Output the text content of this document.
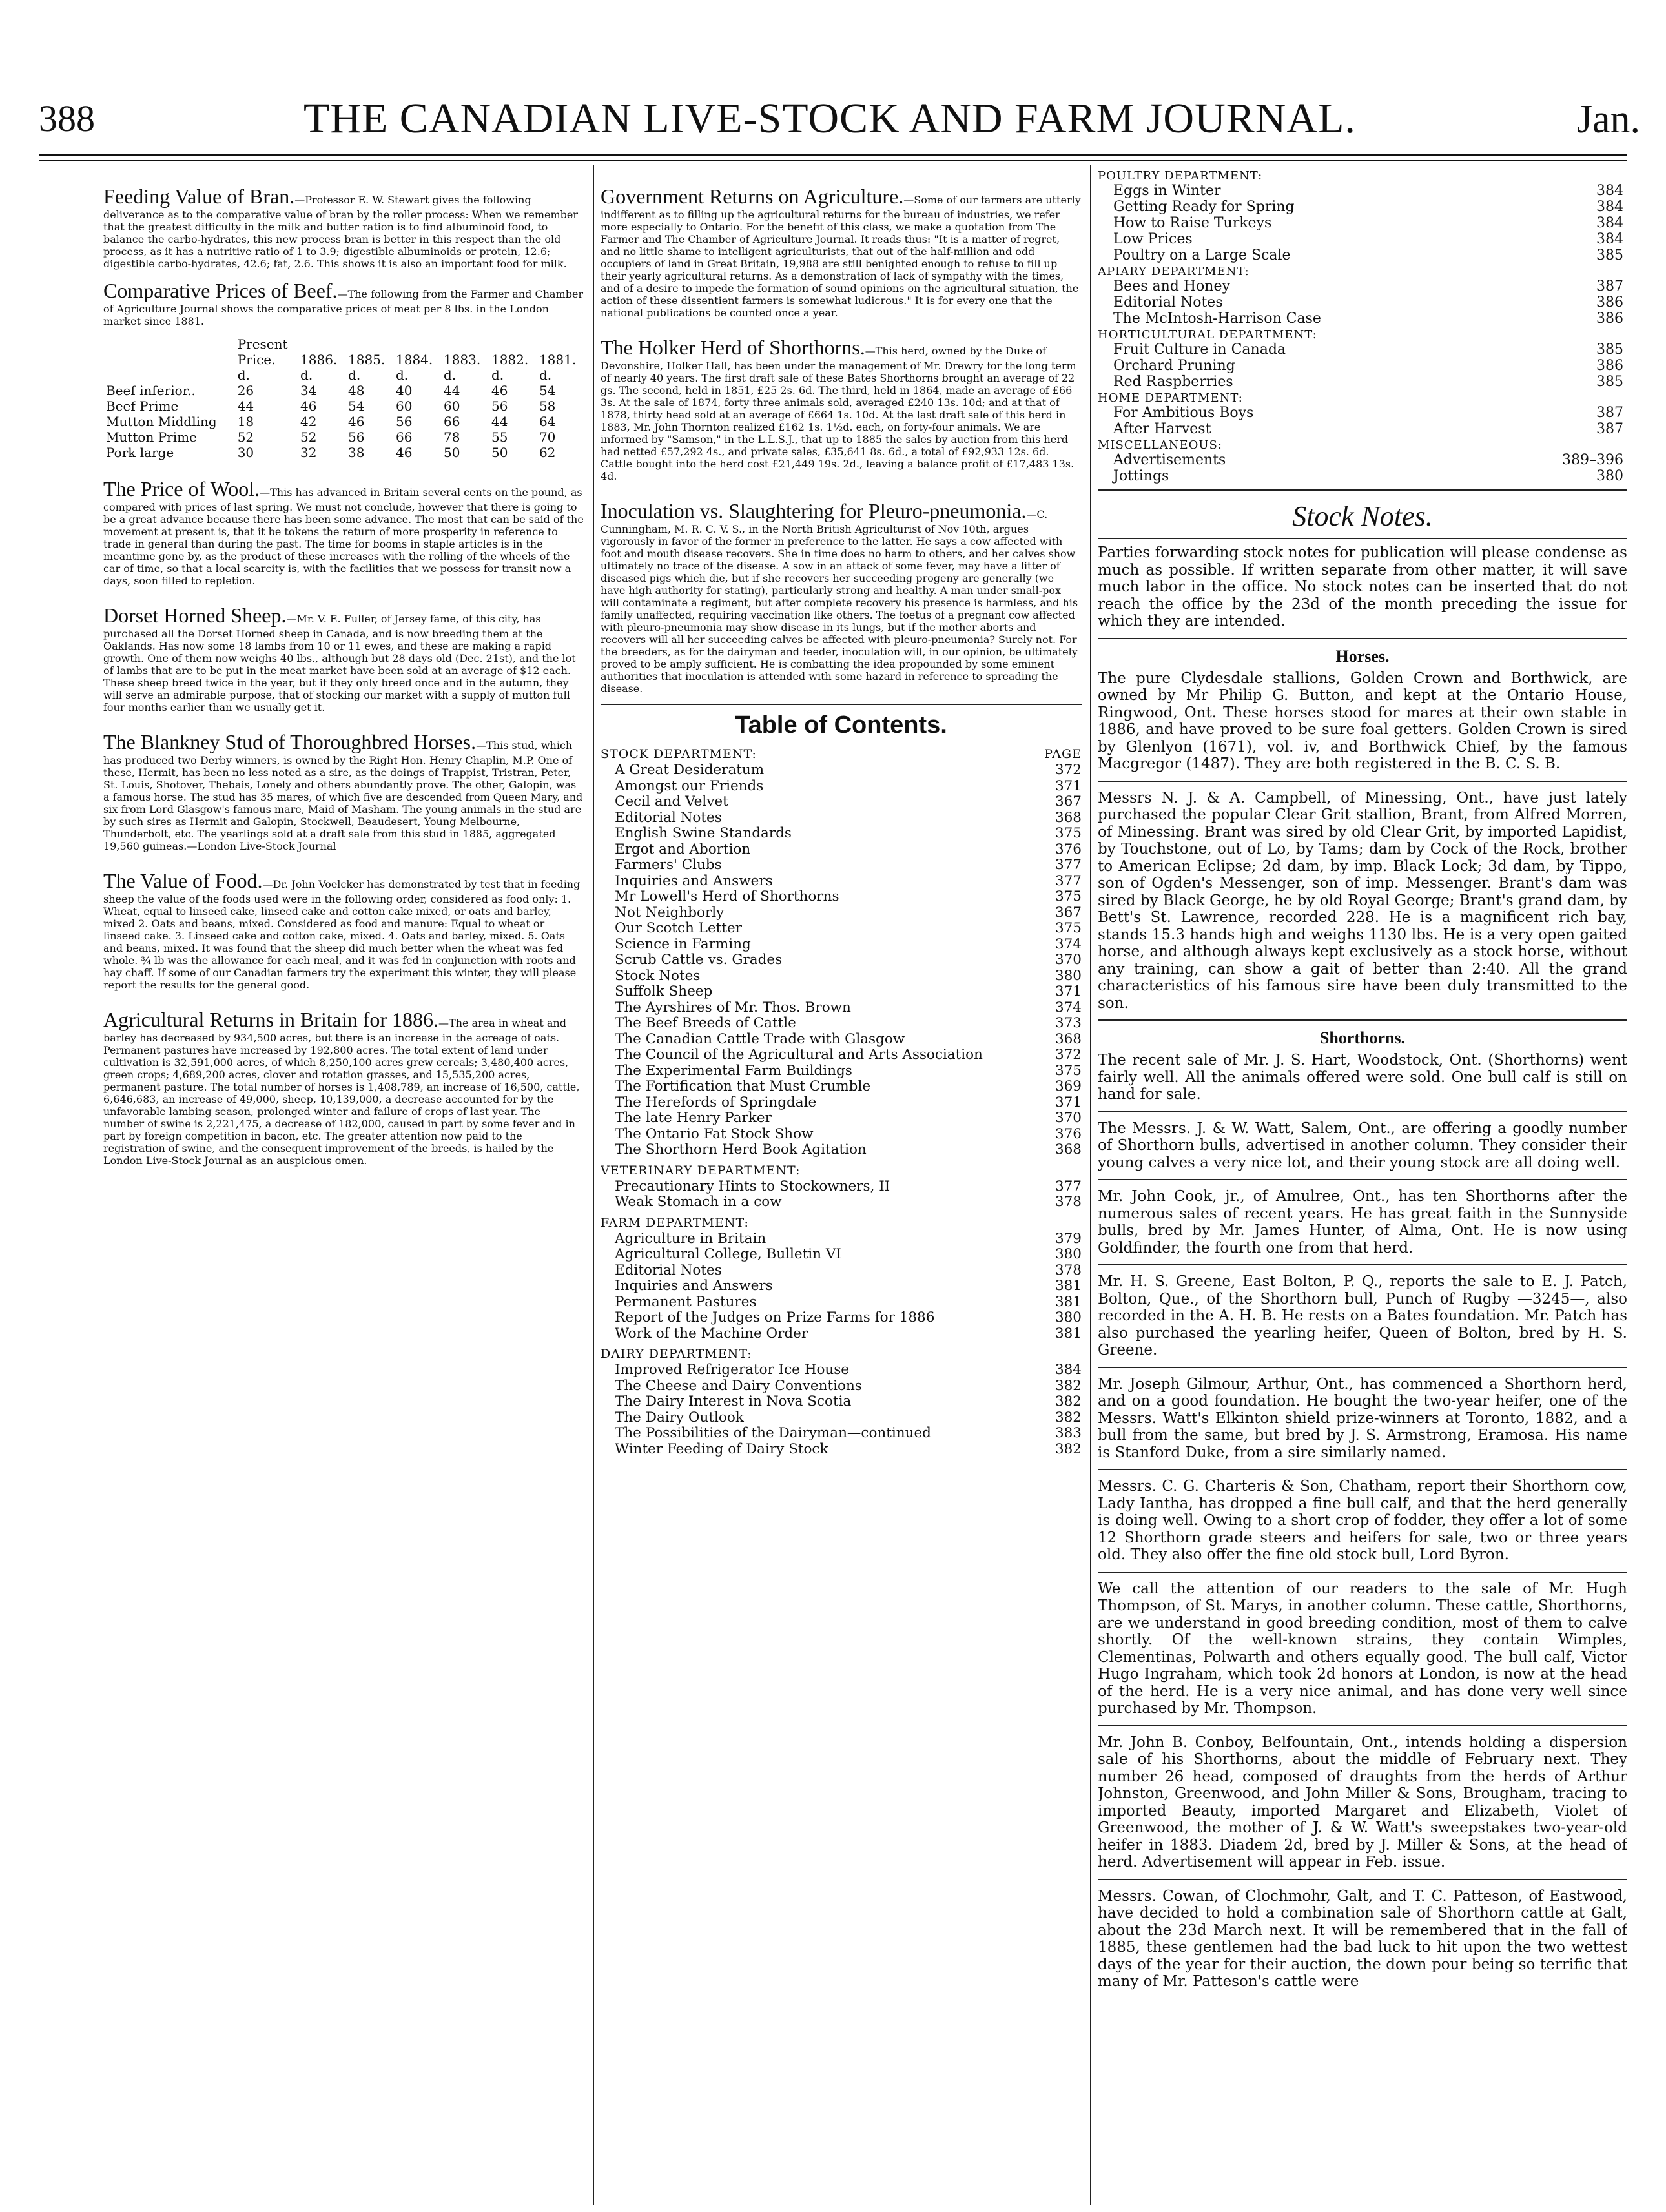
388	THE CANADIAN LIVE-STOCK AND FARM JOURNAL.	Jan.

Feeding Value of Bran.—Professor E. W. Stewart gives the following deliverance as to the comparative value of bran by the roller process: When we remember that the greatest difficulty in the milk and butter ration is to find albuminoid food, to balance the carbo-hydrates, this new process bran is better in this respect than the old process, as it has a nutritive ratio of 1 to 3.9; digestible albuminoids or protein, 12.6; digestible carbo-hydrates, 42.6; fat, 2.6. This shows it is also an important food for milk.

Comparative Prices of Beef.—The following from the Farmer and Chamber of Agriculture Journal shows the comparative prices of meat per 8 lbs. in the London market since 1881.

	Present						
	Price.	1886.	1885.	1884.	1883.	1882.	1881.
	d.	d.	d.	d.	d.	d.	d.
Beef inferior..	26	34	48	40	44	46	54
Beef Prime	44	46	54	60	60	56	58
Mutton Middling	18	42	46	56	66	44	64
Mutton Prime	52	52	56	66	78	55	70
Pork large	30	32	38	46	50	50	62

The Price of Wool.—This has advanced in Britain several cents on the pound, as compared with prices of last spring. We must not conclude, however that there is going to be a great advance because there has been some advance. The most that can be said of the movement at present is, that it be tokens the return of more prosperity in reference to trade in general than during the past. The time for booms in staple articles is in the meantime gone by, as the product of these increases with the rolling of the wheels of the car of time, so that a local scarcity is, with the facilities that we possess for transit now a days, soon filled to repletion.

Dorset Horned Sheep.—Mr. V. E. Fuller, of Jersey fame, of this city, has purchased all the Dorset Horned sheep in Canada, and is now breeding them at the Oaklands. Has now some 18 lambs from 10 or 11 ewes, and these are making a rapid growth. One of them now weighs 40 lbs., although but 28 days old (Dec. 21st), and the lot of lambs that are to be put in the meat market have been sold at an average of $12 each. These sheep breed twice in the year, but if they only breed once and in the autumn, they will serve an admirable purpose, that of stocking our market with a supply of mutton full four months earlier than we usually get it.

The Blankney Stud of Thoroughbred Horses.—This stud, which has produced two Derby winners, is owned by the Right Hon. Henry Chaplin, M.P. One of these, Hermit, has been no less noted as a sire, as the doings of Trappist, Tristran, Peter, St. Louis, Shotover, Thebais, Lonely and others abundantly prove. The other, Galopin, was a famous horse. The stud has 35 mares, of which five are descended from Queen Mary, and six from Lord Glasgow's famous mare, Maid of Masham. The young animals in the stud are by such sires as Hermit and Galopin, Stockwell, Beaudesert, Young Melbourne, Thunderbolt, etc. The yearlings sold at a draft sale from this stud in 1885, aggregated 19,560 guineas.—London Live-Stock Journal

The Value of Food.—Dr. John Voelcker has demonstrated by test that in feeding sheep the value of the foods used were in the following order, considered as food only: 1. Wheat, equal to linseed cake, linseed cake and cotton cake mixed, or oats and barley, mixed 2. Oats and beans, mixed. Considered as food and manure: Equal to wheat or linseed cake. 3. Linseed cake and cotton cake, mixed. 4. Oats and barley, mixed. 5. Oats and beans, mixed. It was found that the sheep did much better when the wheat was fed whole. ¾ lb was the allowance for each meal, and it was fed in conjunction with roots and hay chaff. If some of our Canadian farmers try the experiment this winter, they will please report the results for the general good.

Agricultural Returns in Britain for 1886.—The area in wheat and barley has decreased by 934,500 acres, but there is an increase in the acreage of oats. Permanent pastures have increased by 192,800 acres. The total extent of land under cultivation is 32,591,000 acres, of which 8,250,100 acres grew cereals; 3,480,400 acres, green crops; 4,689,200 acres, clover and rotation grasses, and 15,535,200 acres, permanent pasture. The total number of horses is 1,408,789, an increase of 16,500, cattle, 6,646,683, an increase of 49,000, sheep, 10,139,000, a decrease accounted for by the unfavorable lambing season, prolonged winter and failure of crops of last year. The number of swine is 2,221,475, a decrease of 182,000, caused in part by some fever and in part by foreign competition in bacon, etc. The greater attention now paid to the registration of swine, and the consequent improvement of the breeds, is hailed by the London Live-Stock Journal as an auspicious omen.

Government Returns on Agriculture.—Some of our farmers are utterly indifferent as to filling up the agricultural returns for the bureau of industries, we refer more especially to Ontario. For the benefit of this class, we make a quotation from The Farmer and The Chamber of Agriculture Journal. It reads thus: "It is a matter of regret, and no little shame to intelligent agriculturists, that out of the half-million and odd occupiers of land in Great Britain, 19,988 are still benighted enough to refuse to fill up their yearly agricultural returns. As a demonstration of lack of sympathy with the times, and of a desire to impede the formation of sound opinions on the agricultural situation, the action of these dissentient farmers is somewhat ludicrous." It is for every one that the national publications be counted once a year.

The Holker Herd of Shorthorns.—This herd, owned by the Duke of Devonshire, Holker Hall, has been under the management of Mr. Drewry for the long term of nearly 40 years. The first draft sale of these Bates Shorthorns brought an average of 22 gs. The second, held in 1851, £25 2s. 6d. The third, held in 1864, made an average of £66 3s. At the sale of 1874, forty three animals sold, averaged £240 13s. 10d; and at that of 1878, thirty head sold at an average of £664 1s. 10d. At the last draft sale of this herd in 1883, Mr. John Thornton realized £162 1s. 1½d. each, on forty-four animals. We are informed by "Samson," in the L.L.S.J., that up to 1885 the sales by auction from this herd had netted £57,292 4s., and private sales, £35,641 8s. 6d., a total of £92,933 12s. 6d. Cattle bought into the herd cost £21,449 19s. 2d., leaving a balance profit of £17,483 13s. 4d.

Inoculation vs. Slaughtering for Pleuro-pneumonia.—C. Cunningham, M. R. C. V. S., in the North British Agriculturist of Nov 10th, argues vigorously in favor of the former in preference to the latter. He says a cow affected with foot and mouth disease recovers. She in time does no harm to others, and her calves show ultimately no trace of the disease. A sow in an attack of some fever, may have a litter of diseased pigs which die, but if she recovers her succeeding progeny are generally (we have high authority for stating), particularly strong and healthy. A man under small-pox will contaminate a regiment, but after complete recovery his presence is harmless, and his family unaffected, requiring vaccination like others. The foetus of a pregnant cow affected with pleuro-pneumonia may show disease in its lungs, but if the mother aborts and recovers will all her succeeding calves be affected with pleuro-pneumonia? Surely not. For the breeders, as for the dairyman and feeder, inoculation will, in our opinion, be ultimately proved to be amply sufficient. He is combatting the idea propounded by some eminent authorities that inoculation is attended with some hazard in reference to spreading the disease.

Table of Contents.
STOCK DEPARTMENT:	PAGE
A Great Desideratum	372
Amongst our Friends	371
Cecil and Velvet	367
Editorial Notes	368
English Swine Standards	375
Ergot and Abortion	376
Farmers' Clubs	377
Inquiries and Answers	377
Mr Lowell's Herd of Shorthorns	375
Not Neighborly	367
Our Scotch Letter	375
Science in Farming	374
Scrub Cattle vs. Grades	370
Stock Notes	380
Suffolk Sheep	371
The Ayrshires of Mr. Thos. Brown	374
The Beef Breeds of Cattle	373
The Canadian Cattle Trade with Glasgow	368
The Council of the Agricultural and Arts Association	372
The Experimental Farm Buildings	375
The Fortification that Must Crumble	369
The Herefords of Springdale	371
The late Henry Parker	370
The Ontario Fat Stock Show	376
The Shorthorn Herd Book Agitation	368
VETERINARY DEPARTMENT:
Precautionary Hints to Stockowners, II	377
Weak Stomach in a cow	378
FARM DEPARTMENT:
Agriculture in Britain	379
Agricultural College, Bulletin VI	380
Editorial Notes	378
Inquiries and Answers	381
Permanent Pastures	381
Report of the Judges on Prize Farms for 1886	380
Work of the Machine Order	381
DAIRY DEPARTMENT:
Improved Refrigerator Ice House	384
The Cheese and Dairy Conventions	382
The Dairy Interest in Nova Scotia	382
The Dairy Outlook	382
The Possibilities of the Dairyman—continued	383
Winter Feeding of Dairy Stock	382
POULTRY DEPARTMENT:
Eggs in Winter	384
Getting Ready for Spring	384
How to Raise Turkeys	384
Low Prices	384
Poultry on a Large Scale	385
APIARY DEPARTMENT:
Bees and Honey	387
Editorial Notes	386
The McIntosh-Harrison Case	386
HORTICULTURAL DEPARTMENT:
Fruit Culture in Canada	385
Orchard Pruning	386
Red Raspberries	385
HOME DEPARTMENT:
For Ambitious Boys	387
After Harvest	387
MISCELLANEOUS:
Advertisements	389–396
Jottings	380
Stock Notes.

Parties forwarding stock notes for publication will please condense as much as possible. If written separate from other matter, it will save much labor in the office. No stock notes can be inserted that do not reach the office by the 23d of the month preceding the issue for which they are intended.

Horses.

The pure Clydesdale stallions, Golden Crown and Borthwick, are owned by Mr Philip G. Button, and kept at the Ontario House, Ringwood, Ont. These horses stood for mares at their own stable in 1886, and have proved to be sure foal getters. Golden Crown is sired by Glenlyon (1671), vol. iv, and Borthwick Chief, by the famous Macgregor (1487). They are both registered in the B. C. S. B.

Messrs N. J. & A. Campbell, of Minessing, Ont., have just lately purchased the popular Clear Grit stallion, Brant, from Alfred Morren, of Minessing. Brant was sired by old Clear Grit, by imported Lapidist, by Touchstone, out of Lo, by Tams; dam by Cock of the Rock, brother to American Eclipse; 2d dam, by imp. Black Lock; 3d dam, by Tippo, son of Ogden's Messenger, son of imp. Messenger. Brant's dam was sired by Black George, he by old Royal George; Brant's grand dam, by Bett's St. Lawrence, recorded 228. He is a magnificent rich bay, stands 15.3 hands high and weighs 1130 lbs. He is a very open gaited horse, and although always kept exclusively as a stock horse, without any training, can show a gait of better than 2:40. All the grand characteristics of his famous sire have been duly transmitted to the son.

Shorthorns.

The recent sale of Mr. J. S. Hart, Woodstock, Ont. (Shorthorns) went fairly well. All the animals offered were sold. One bull calf is still on hand for sale.

The Messrs. J. & W. Watt, Salem, Ont., are offering a goodly number of Shorthorn bulls, advertised in another column. They consider their young calves a very nice lot, and their young stock are all doing well.

Mr. John Cook, jr., of Amulree, Ont., has ten Shorthorns after the numerous sales of recent years. He has great faith in the Sunnyside bulls, bred by Mr. James Hunter, of Alma, Ont. He is now using Goldfinder, the fourth one from that herd.

Mr. H. S. Greene, East Bolton, P. Q., reports the sale to E. J. Patch, Bolton, Que., of the Shorthorn bull, Punch of Rugby —3245—, also recorded in the A. H. B. He rests on a Bates foundation. Mr. Patch has also purchased the yearling heifer, Queen of Bolton, bred by H. S. Greene.

Mr. Joseph Gilmour, Arthur, Ont., has commenced a Shorthorn herd, and on a good foundation. He bought the two-year heifer, one of the Messrs. Watt's Elkinton shield prize-winners at Toronto, 1882, and a bull from the same, but bred by J. S. Armstrong, Eramosa. His name is Stanford Duke, from a sire similarly named.

Messrs. C. G. Charteris & Son, Chatham, report their Shorthorn cow, Lady Iantha, has dropped a fine bull calf, and that the herd generally is doing well. Owing to a short crop of fodder, they offer a lot of some 12 Shorthorn grade steers and heifers for sale, two or three years old. They also offer the fine old stock bull, Lord Byron.

We call the attention of our readers to the sale of Mr. Hugh Thompson, of St. Marys, in another column. These cattle, Shorthorns, are we understand in good breeding condition, most of them to calve shortly. Of the well-known strains, they contain Wimples, Clementinas, Polwarth and others equally good. The bull calf, Victor Hugo Ingraham, which took 2d honors at London, is now at the head of the herd. He is a very nice animal, and has done very well since purchased by Mr. Thompson.

Mr. John B. Conboy, Belfountain, Ont., intends holding a dispersion sale of his Shorthorns, about the middle of February next. They number 26 head, composed of draughts from the herds of Arthur Johnston, Greenwood, and John Miller & Sons, Brougham, tracing to imported Beauty, imported Margaret and Elizabeth, Violet of Greenwood, the mother of J. & W. Watt's sweepstakes two-year-old heifer in 1883. Diadem 2d, bred by J. Miller & Sons, at the head of herd. Advertisement will appear in Feb. issue.

Messrs. Cowan, of Clochmohr, Galt, and T. C. Patteson, of Eastwood, have decided to hold a combination sale of Shorthorn cattle at Galt, about the 23d March next. It will be remembered that in the fall of 1885, these gentlemen had the bad luck to hit upon the two wettest days of the year for their auction, the down pour being so terrific that many of Mr. Patteson's cattle were
